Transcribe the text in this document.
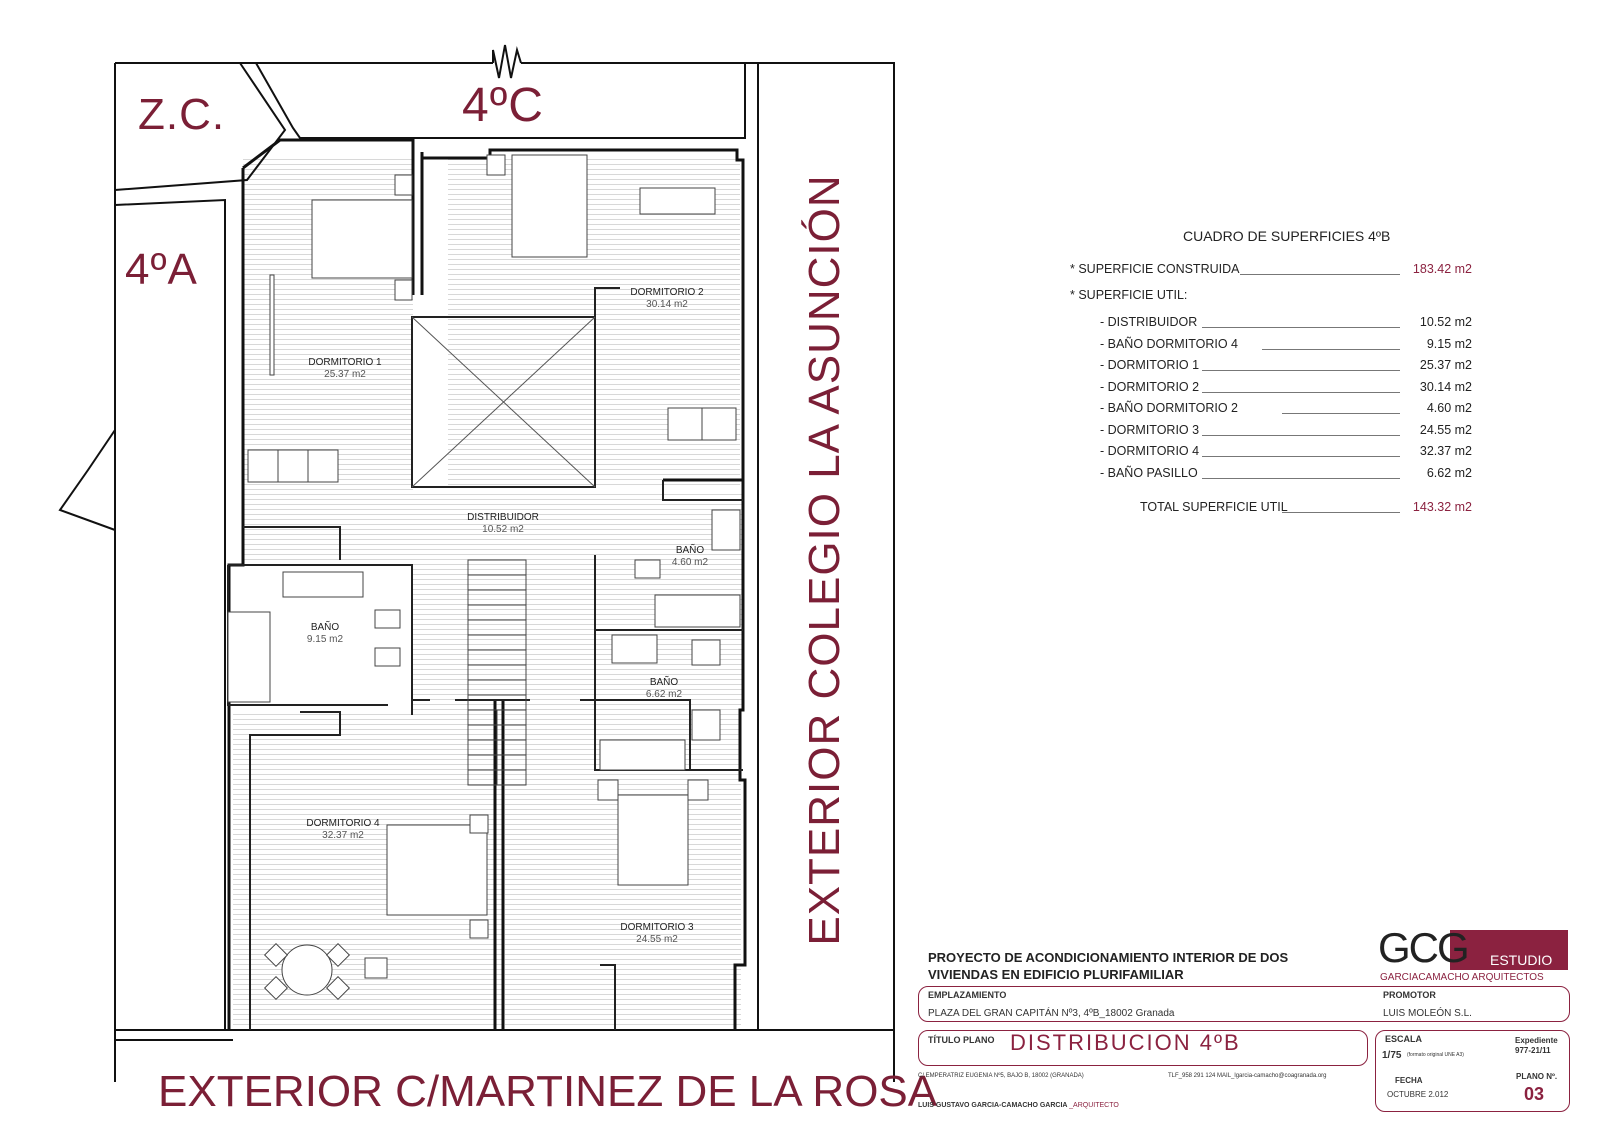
Z.C.	4ºC
4ºA	EXTERIOR COLEGIO LA ASUNCIÓN
EXTERIOR C/MARTINEZ DE LA ROSA
DORMITORIO 1
25.37 m2
DORMITORIO 2
30.14 m2
DISTRIBUIDOR
10.52 m2
BAÑO
4.60 m2
BAÑO
9.15 m2
BAÑO
6.62 m2
DORMITORIO 4
32.37 m2
DORMITORIO 3
24.55 m2
CUADRO DE SUPERFICIES 4ºB
* SUPERFICIE CONSTRUIDA	183.42 m2
* SUPERFICIE UTIL:
- DISTRIBUIDOR	10.52 m2
- BAÑO DORMITORIO 4	9.15 m2
- DORMITORIO 1	25.37 m2
- DORMITORIO 2	30.14 m2
- BAÑO DORMITORIO 2	4.60 m2
- DORMITORIO 3	24.55 m2
- DORMITORIO 4	32.37 m2
- BAÑO PASILLO	6.62 m2
TOTAL SUPERFICIE UTIL	143.32 m2
PROYECTO DE ACONDICIONAMIENTO INTERIOR DE DOS
VIVIENDAS EN EDIFICIO PLURIFAMILIAR
GCG ESTUDIO
GARCIACAMACHO ARQUITECTOS
EMPLAZAMIENTO
PLAZA DEL GRAN CAPITÁN Nº3, 4ºB_18002 Granada
PROMOTOR
LUIS MOLEÓN S.L.
TÍTULO PLANO DISTRIBUCION 4ºB	ESCALA
1/75 (formato original UNE A3)
Expediente
977-21/11
FECHA
OCTUBRE 2.012
PLANO Nº.
03
C/ EMPERATRIZ EUGENIA Nº5, BAJO B, 18002 (GRANADA)	TLF_958 291 124 MAIL_lgarcia-camacho@coagranada.org
LUIS GUSTAVO GARCIA-CAMACHO GARCIA _ARQUITECTO
